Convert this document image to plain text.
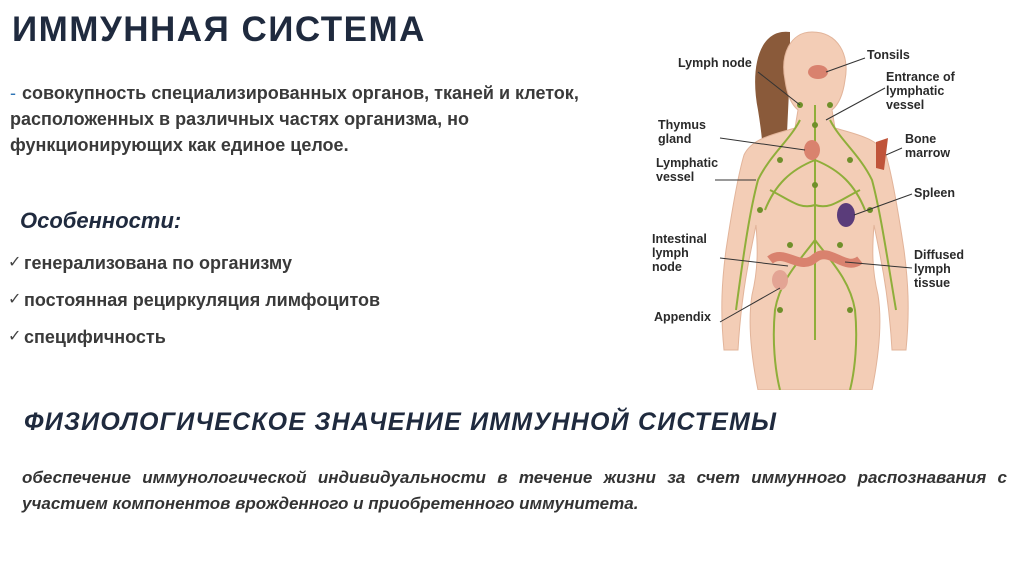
ИММУННАЯ СИСТЕМА
- совокупность специализированных органов, тканей и клеток, расположенных в различных частях организма, но функционирующих как единое целое.
Особенности:
✓ генерализована по организму
✓ постоянная рециркуляция лимфоцитов
✓ специфичность
ФИЗИОЛОГИЧЕСКОЕ ЗНАЧЕНИЕ ИММУННОЙ СИСТЕМЫ
обеспечение иммунологической индивидуальности в течение жизни за счет иммунного распознавания с участием компонентов врожденного и приобретенного иммунитета.
Lymph node
Tonsils
Entrance of
lymphatic
vessel
Thymus
gland	Bone
marrow
Lymphatic
vessel
Spleen
Intestinal
lymph
node
Diffused
lymph
tissue
Appendix
